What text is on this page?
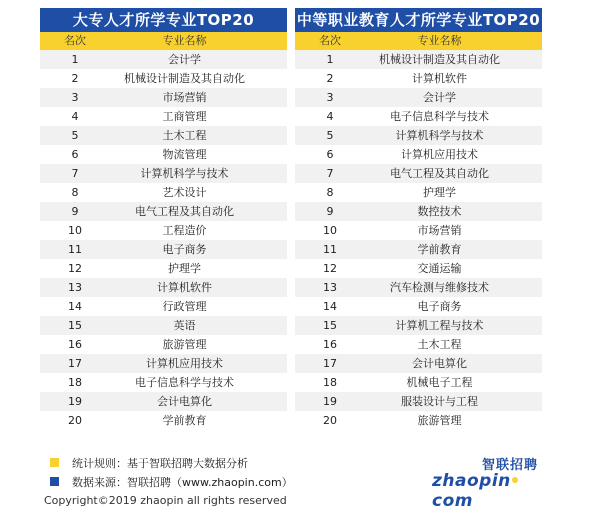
大专人才所学专业TOP20
名次	专业名称
1	会计学
2	机械设计制造及其自动化
3	市场营销
4	工商管理
5	土木工程
6	物流管理
7	计算机科学与技术
8	艺术设计
9	电气工程及其自动化
10	工程造价
11	电子商务
12	护理学
13	计算机软件
14	行政管理
15	英语
16	旅游管理
17	计算机应用技术
18	电子信息科学与技术
19	会计电算化
20	学前教育
中等职业教育人才所学专业TOP20
名次	专业名称
1	机械设计制造及其自动化
2	计算机软件
3	会计学
4	电子信息科学与技术
5	计算机科学与技术
6	计算机应用技术
7	电气工程及其自动化
8	护理学
9	数控技术
10	市场营销
11	学前教育
12	交通运输
13	汽车检测与维修技术
14	电子商务
15	计算机工程与技术
16	土木工程
17	会计电算化
18	机械电子工程
19	服装设计与工程
20	旅游管理
统计规则：基于智联招聘大数据分析
数据来源：智联招聘（www.zhaopin.com）
Copyright©2019 zhaopin all rights reserved
智联招聘
zhaopincom
